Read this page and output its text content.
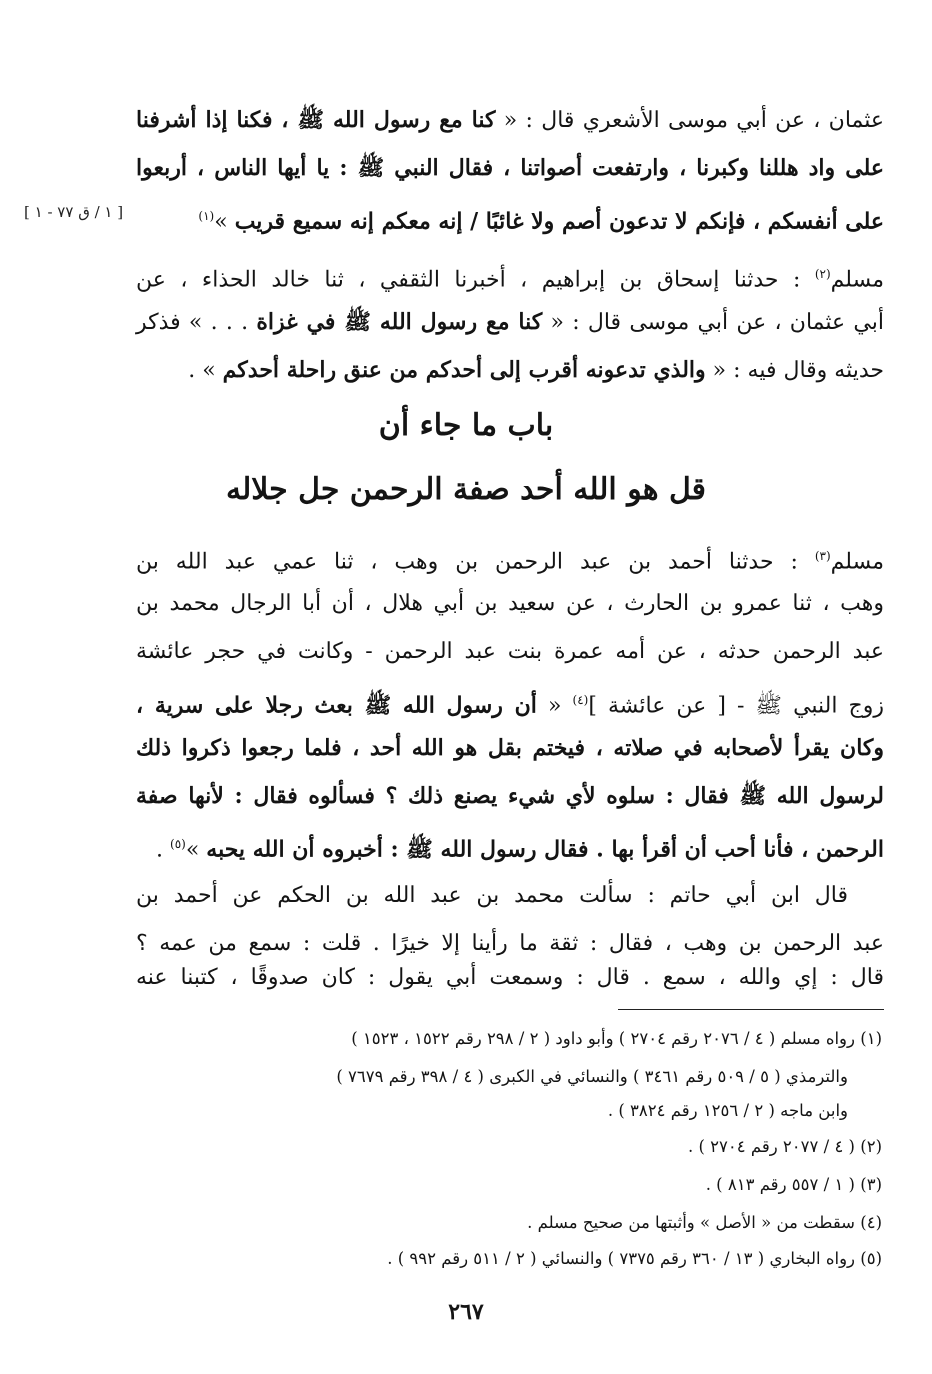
عثمان ، عن أبي موسى الأشعري قال : « كنا مع رسول الله ﷺ ، فكنا إذا أشرفنا
على واد هللنا وكبرنا ، وارتفعت أصواتنا ، فقال النبي ﷺ : يا أيها الناس ، أربعوا
على أنفسكم ، فإنكم لا تدعون أصم ولا غائبًا / إنه معكم إنه سميع قريب »$^{(١)}$
[ ١ / ق ٧٧ - ١ ]
مسلم$^{(٢)}$ : حدثنا إسحاق بن إبراهيم ، أخبرنا الثقفي ، ثنا خالد الحذاء ، عن
أبي عثمان ، عن أبي موسى قال : « كنا مع رسول الله ﷺ في غزاة . . . » فذكر
حديثه وقال فيه : « والذي تدعونه أقرب إلى أحدكم من عنق راحلة أحدكم » .
باب ما جاء أن
قل هو الله أحد صفة الرحمن جل جلاله
مسلم$^{(٣)}$ : حدثنا أحمد بن عبد الرحمن بن وهب ، ثنا عمي عبد الله بن
وهب ، ثنا عمرو بن الحارث ، عن سعيد بن أبي هلال ، أن أبا الرجال محمد بن
عبد الرحمن حدثه ، عن أمه عمرة بنت عبد الرحمن - وكانت في حجر عائشة
زوج النبي ﷺ - [ عن عائشة ]$^{(٤)}$ « أن رسول الله ﷺ بعث رجلا على سرية ،
وكان يقرأ لأصحابه في صلاته ، فيختم بقل هو الله أحد ، فلما رجعوا ذكروا ذلك
لرسول الله ﷺ فقال : سلوه لأي شيء يصنع ذلك ؟ فسألوه فقال : لأنها صفة
الرحمن ، فأنا أحب أن أقرأ بها . فقال رسول الله ﷺ : أخبروه أن الله يحبه »$^{(٥)}$ .
قال ابن أبي حاتم : سألت محمد بن عبد الله بن الحكم عن أحمد بن
عبد الرحمن بن وهب ، فقال : ثقة ما رأينا إلا خيرًا . قلت : سمع من عمه ؟
قال : إي والله ، سمع . قال : وسمعت أبي يقول : كان صدوقًا ، كتبنا عنه
(١) رواه مسلم ( ٤ / ٢٠٧٦ رقم ٢٧٠٤ ) وأبو داود ( ٢ / ٢٩٨ رقم ١٥٢٢ ، ١٥٢٣ )
والترمذي ( ٥ / ٥٠٩ رقم ٣٤٦١ ) والنسائي في الكبرى ( ٤ / ٣٩٨ رقم ٧٦٧٩ )
وابن ماجه ( ٢ / ١٢٥٦ رقم ٣٨٢٤ ) .
(٢) ( ٤ / ٢٠٧٧ رقم ٢٧٠٤ ) .
(٣) ( ١ / ٥٥٧ رقم ٨١٣ ) .
(٤) سقطت من « الأصل » وأثبتها من صحيح مسلم .
(٥) رواه البخاري ( ١٣ / ٣٦٠ رقم ٧٣٧٥ ) والنسائي ( ٢ / ٥١١ رقم ٩٩٢ ) .
٢٦٧
